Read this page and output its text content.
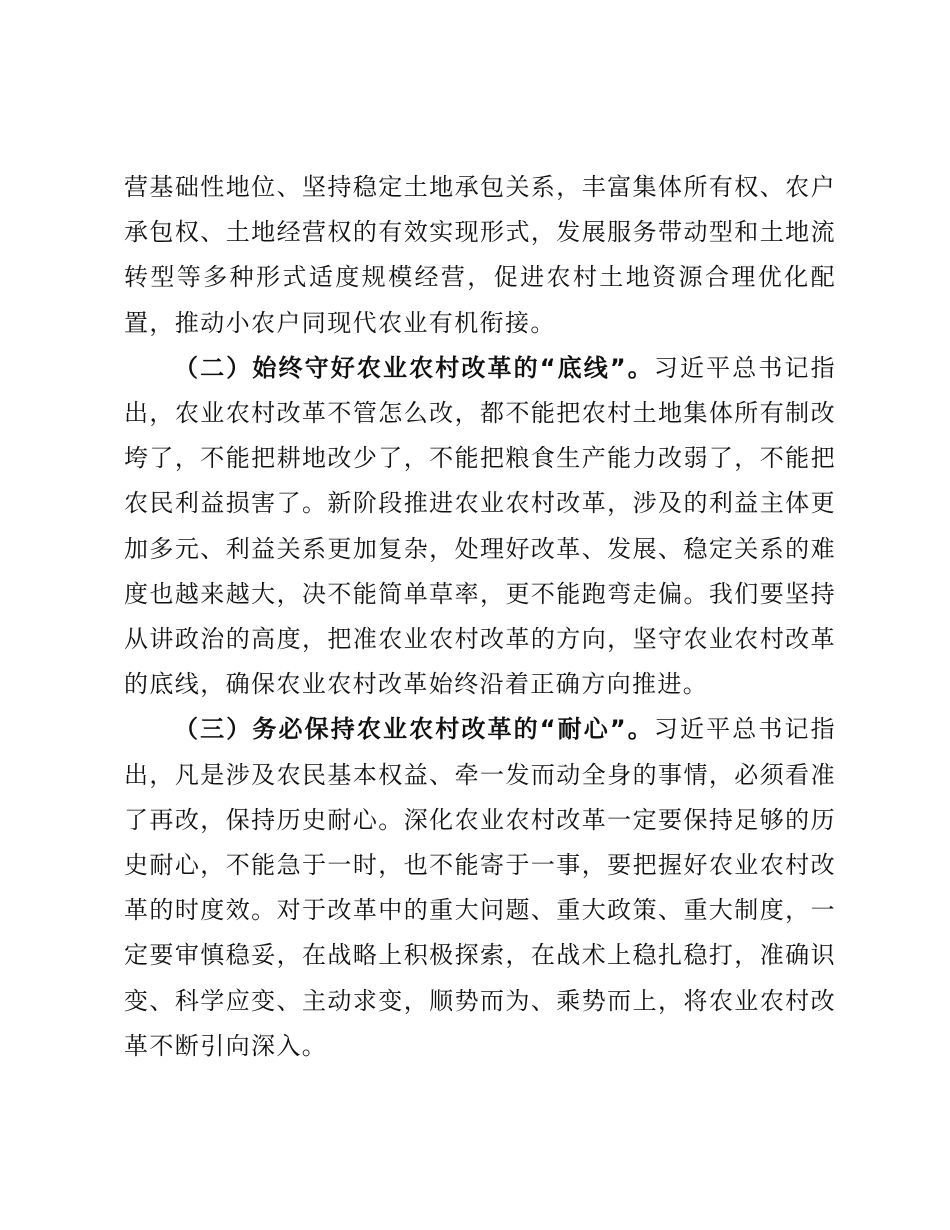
营基础性地位、坚持稳定土地承包关系，丰富集体所有权、农户承包权、土地经营权的有效实现形式，发展服务带动型和土地流转型等多种形式适度规模经营，促进农村土地资源合理优化配置，推动小农户同现代农业有机衔接。

（二）始终守好农业农村改革的“底线”。习近平总书记指出，农业农村改革不管怎么改，都不能把农村土地集体所有制改垮了，不能把耕地改少了，不能把粮食生产能力改弱了，不能把农民利益损害了。新阶段推进农业农村改革，涉及的利益主体更加多元、利益关系更加复杂，处理好改革、发展、稳定关系的难度也越来越大，决不能简单草率，更不能跑弯走偏。我们要坚持从讲政治的高度，把准农业农村改革的方向，坚守农业农村改革的底线，确保农业农村改革始终沿着正确方向推进。

（三）务必保持农业农村改革的“耐心”。习近平总书记指出，凡是涉及农民基本权益、牵一发而动全身的事情，必须看准了再改，保持历史耐心。深化农业农村改革一定要保持足够的历史耐心，不能急于一时，也不能寄于一事，要把握好农业农村改革的时度效。对于改革中的重大问题、重大政策、重大制度，一定要审慎稳妥，在战略上积极探索，在战术上稳扎稳打，准确识变、科学应变、主动求变，顺势而为、乘势而上，将农业农村改革不断引向深入。
